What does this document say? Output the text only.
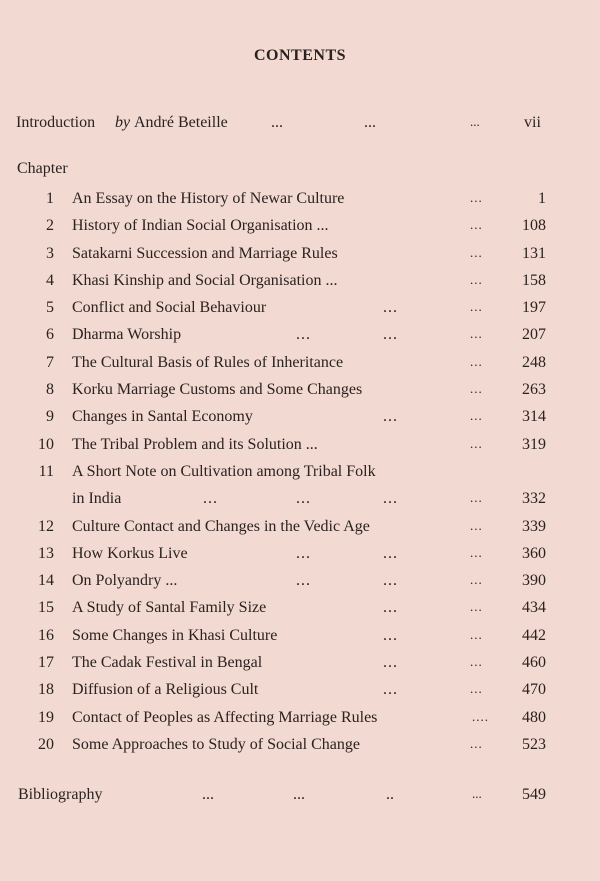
CONTENTS
Introduction by André Beteille	...	...	...	vii
Chapter
1 An Essay on the History of Newar Culture	...	1
2 History of Indian Social Organisation ...	...	108
3 Satakarni Succession and Marriage Rules	...	131
4 Khasi Kinship and Social Organisation ...	...	158
5 Conflict and Social Behaviour	...	...	197
6 Dharma Worship	...	...	...	207
7 The Cultural Basis of Rules of Inheritance	...	248
8 Korku Marriage Customs and Some Changes	...	263
9 Changes in Santal Economy	...	...	314
10 The Tribal Problem and its Solution ...	...	319
11 A Short Note on Cultivation among Tribal Folk
in India	...	...	...	...	332
12 Culture Contact and Changes in the Vedic Age	...	339
13 How Korkus Live	...	...	...	360
14 On Polyandry ...	...	...	...	390
15 A Study of Santal Family Size	...	...	434
16 Some Changes in Khasi Culture	...	...	442
17 The Cadak Festival in Bengal	...	...	460
18 Diffusion of a Religious Cult	...	...	470
19 Contact of Peoples as Affecting Marriage Rules	....	480
20 Some Approaches to Study of Social Change	...	523
Bibliography	...	...	..	...	549
